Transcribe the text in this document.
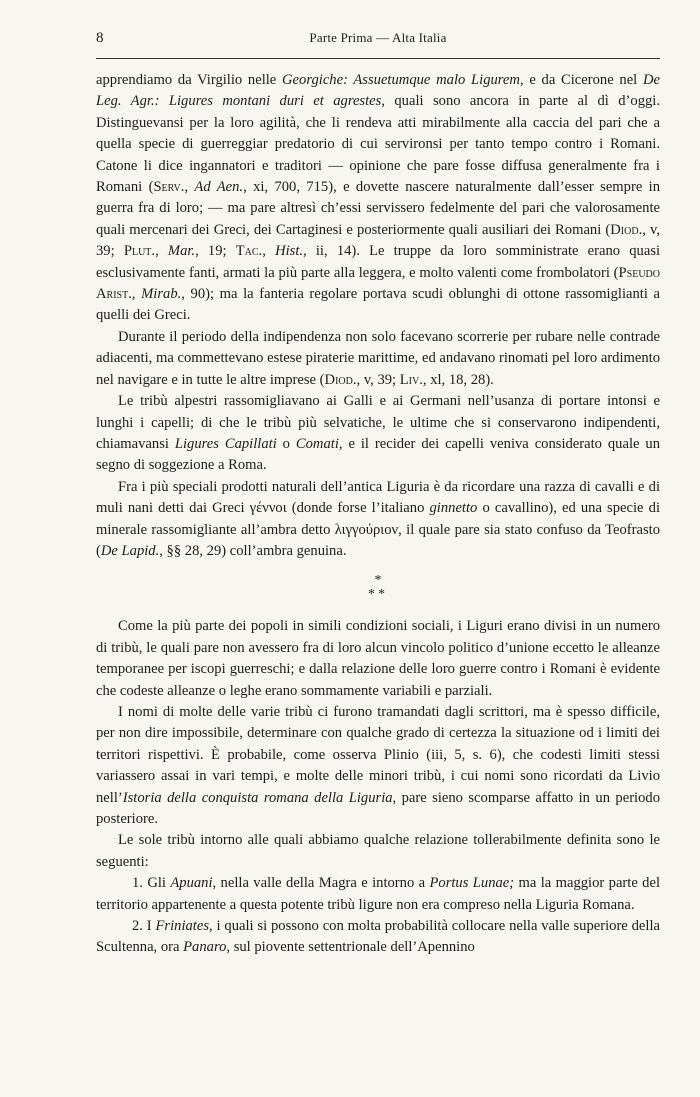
8	Parte Prima — Alta Italia

apprendiamo da Virgilio nelle Georgiche: Assuetumque malo Ligurem, e da Cicerone nel De Leg. Agr.: Ligures montani duri et agrestes, quali sono ancora in parte al dì d’oggi. Distinguevansi per la loro agilità, che li rendeva atti mirabilmente alla caccia del pari che a quella specie di guerreggiar predatorio di cui servironsi per tanto tempo contro i Romani. Catone li dice ingannatori e traditori — opinione che pare fosse diffusa generalmente fra i Romani (Serv., Ad Aen., xi, 700, 715), e dovette nascere naturalmente dall’esser sempre in guerra fra di loro; — ma pare altresì ch’essi servissero fedelmente del pari che valorosamente quali mercenari dei Greci, dei Cartaginesi e posteriormente quali ausiliari dei Romani (Diod., v, 39; Plut., Mar., 19; Tac., Hist., ii, 14). Le truppe da loro somministrate erano quasi esclusivamente fanti, armati la più parte alla leggera, e molto valenti come frombolatori (Pseudo Arist., Mirab., 90); ma la fanteria regolare portava scudi oblunghi di ottone rassomiglianti a quelli dei Greci.

Durante il periodo della indipendenza non solo facevano scorrerie per rubare nelle contrade adiacenti, ma commettevano estese piraterie marittime, ed andavano rinomati pel loro ardimento nel navigare e in tutte le altre imprese (Diod., v, 39; Liv., xl, 18, 28).

Le tribù alpestri rassomigliavano ai Galli e ai Germani nell’usanza di portare intonsi e lunghi i capelli; di che le tribù più selvatiche, le ultime che si conservarono indipendenti, chiamavansi Ligures Capillati o Comati, e il recider dei capelli veniva considerato quale un segno di soggezione a Roma.

Fra i più speciali prodotti naturali dell’antica Liguria è da ricordare una razza di cavalli e di muli nani detti dai Greci γέννοι (donde forse l’italiano ginnetto o cavallino), ed una specie di minerale rassomigliante all’ambra detto λιγγούριον, il quale pare sia stato confuso da Teofrasto (De Lapid., §§ 28, 29) coll’ambra genuina.

*
**

Come la più parte dei popoli in simili condizioni sociali, i Liguri erano divisi in un numero di tribù, le quali pare non avessero fra di loro alcun vincolo politico d’unione eccetto le alleanze temporanee per iscopi guerreschi; e dalla relazione delle loro guerre contro i Romani è evidente che codeste alleanze o leghe erano sommamente variabili e parziali.

I nomi di molte delle varie tribù ci furono tramandati dagli scrittori, ma è spesso difficile, per non dire impossibile, determinare con qualche grado di certezza la situazione od i limiti dei territori rispettivi. È probabile, come osserva Plinio (iii, 5, s. 6), che codesti limiti stessi variassero assai in vari tempi, e molte delle minori tribù, i cui nomi sono ricordati da Livio nell’Istoria della conquista romana della Liguria, pare sieno scomparse affatto in un periodo posteriore.

Le sole tribù intorno alle quali abbiamo qualche relazione tollerabilmente definita sono le seguenti:

1. Gli Apuani, nella valle della Magra e intorno a Portus Lunae; ma la maggior parte del territorio appartenente a questa potente tribù ligure non era compreso nella Liguria Romana.

2. I Friniates, i quali si possono con molta probabilità collocare nella valle superiore della Scultenna, ora Panaro, sul piovente settentrionale dell’Apennino
